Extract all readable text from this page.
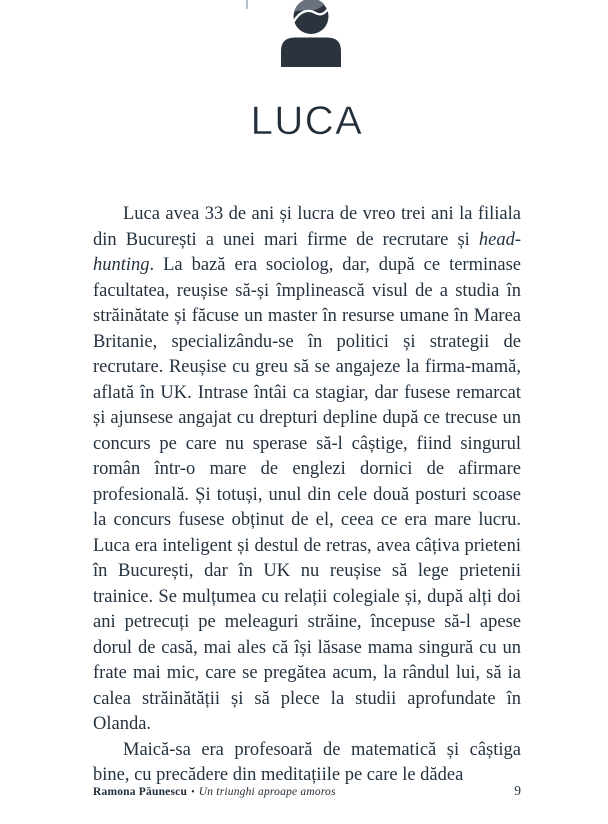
LUCA

Luca avea 33 de ani și lucra de vreo trei ani la filiala din București a unei mari firme de recrutare și head-hunting. La bază era sociolog, dar, după ce terminase facultatea, reușise să-și împlinească visul de a studia în străinătate și făcuse un master în resurse umane în Marea Britanie, specializându-se în politici și strategii de recrutare. Reușise cu greu să se angajeze la firma-mamă, aflată în UK. Intrase întâi ca stagiar, dar fusese remarcat și ajunsese angajat cu drepturi depline după ce trecuse un concurs pe care nu sperase să-l câștige, fiind singurul român într-o mare de englezi dornici de afirmare profesională. Și totuși, unul din cele două posturi scoase la concurs fusese obținut de el, ceea ce era mare lucru. Luca era inteligent și destul de retras, avea câțiva prieteni în București, dar în UK nu reușise să lege prietenii trainice. Se mulțumea cu relații colegiale și, după alți doi ani petrecuți pe meleaguri străine, începuse să-l apese dorul de casă, mai ales că își lăsase mama singură cu un frate mai mic, care se pregătea acum, la rândul lui, să ia calea străinătății și să plece la studii aprofundate în Olanda.

Maică-sa era profesoară de matematică și câștiga bine, cu precădere din meditațiile pe care le dădea

Ramona Păunescu • Un triunghi aproape amoros	9
